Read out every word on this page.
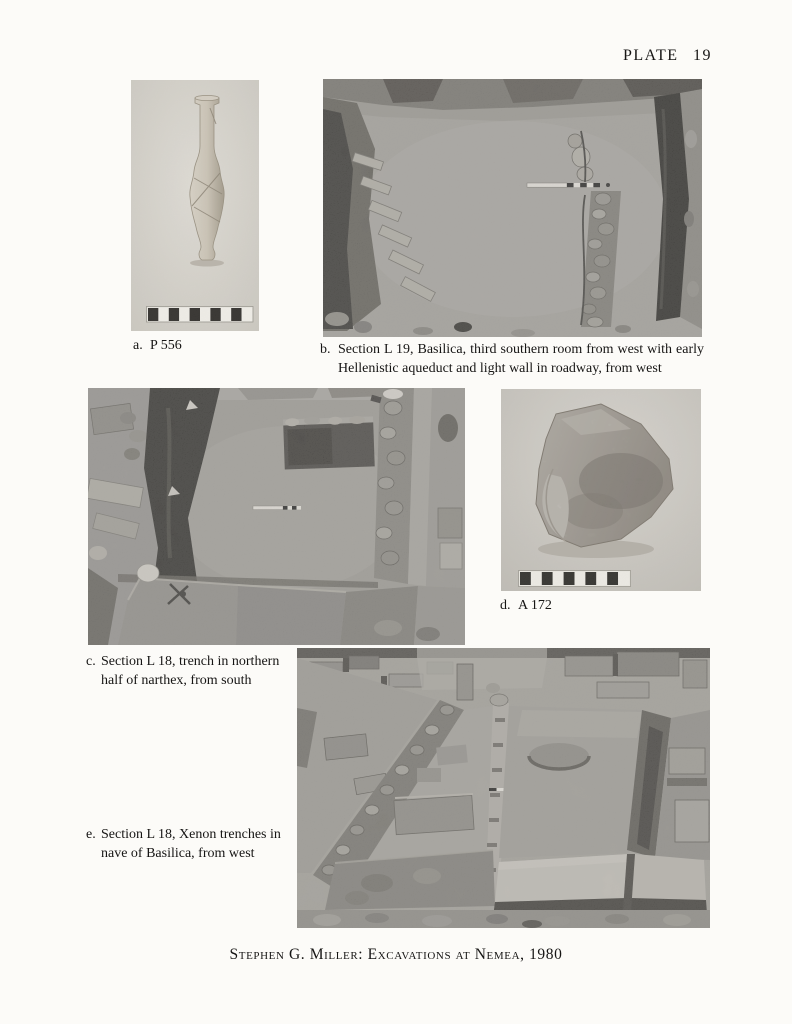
PLATE 19
a. P 556	b. Section L 19, Basilica, third southern room from west with early
Hellenistic aqueduct and light wall in roadway, from west
c. Section L 18, trench in northern
half of narthex, from south
d. A 172
e. Section L 18, Xenon trenches in
nave of Basilica, from west
Stephen G. Miller: Excavations at Nemea, 1980
